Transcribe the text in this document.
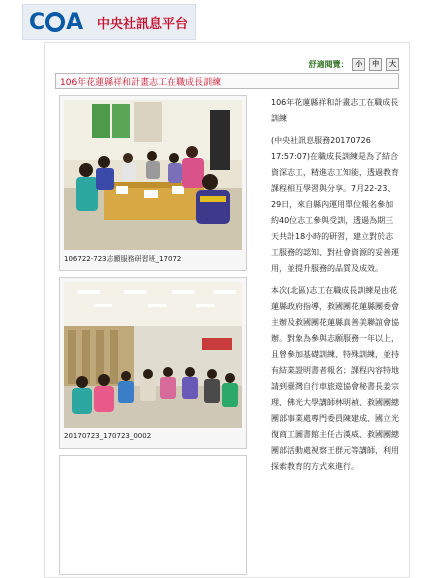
C A 中央社訊息平台
舒適閱覽： 小 中 大
106年花蓮縣祥和計畫志工在職成長訓練
106722-723志願服務研習班_17072
20170723_170723_0002

106年花蓮縣祥和計畫志工在職成長訓練

(中央社訊息服務20170726 17:57:07)在職成長訓練是為了結合資深志工，精進志工知能，透過教育課程相互學習與分享。7月22-23、29日，來自縣內運用單位報名參加約40位志工參與受訓，透過為期三天共計18小時的研習，建立對於志工服務的認知、對社會資源的妥善運用，並提升服務的品質及成效。

本次(北區)志工在職成長訓練是由花蓮縣政府指導，救國團花蓮縣團委會主辦及救國團花蓮縣真善美聯誼會協辦。對象為參與志願服務一年以上，且曾參加基礎訓練、特殊訓練，並持有結業證明書者報名；課程內容特地請到臺灣自行車旅遊協會秘書長姜宗理、佛光大學講師林明禎、救國團總團部事業處專門委員陳建成、國立光復商工圖書館主任古漢威、救國團總團部活動處視察王群元等講師，利用探索教育的方式來進行。
